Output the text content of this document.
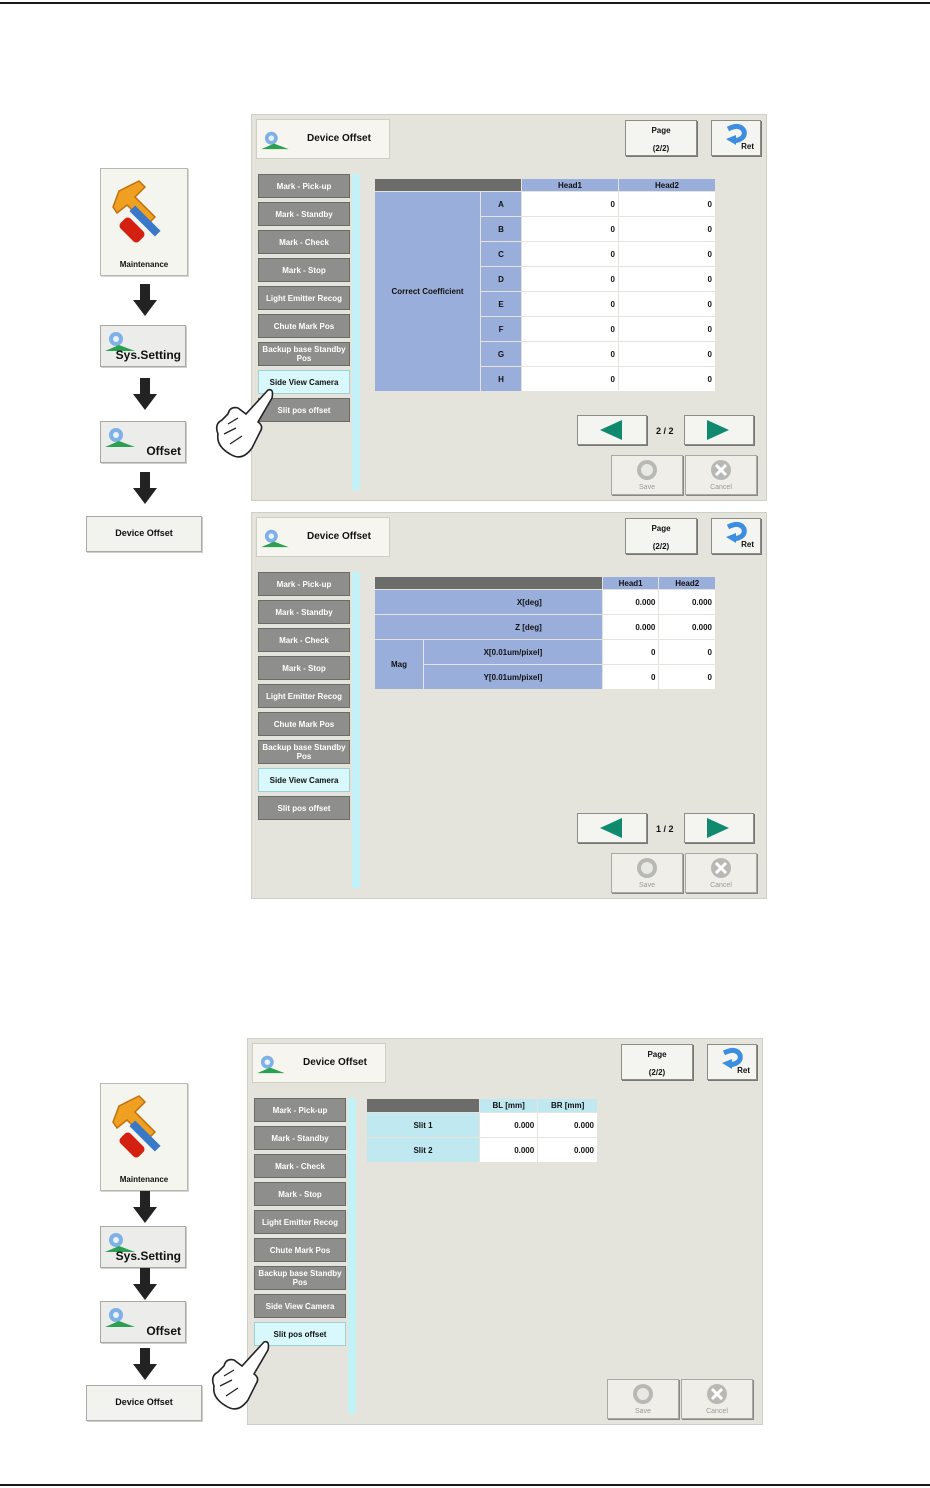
Maintenance
Sys.Setting
Offset
Device Offset
Device Offset
Page
(2/2)	Ret
Mark - Pick-up
Mark - Standby
Mark - Check
Mark - Stop
Light Emitter Recog
Chute Mark Pos
Backup base Standby Pos
Side View Camera
Slit pos offset
		Head1	Head2
Correct Coefficient	A	0	0
	B	0	0
	C	0	0
	D	0	0
	E	0	0
	F	0	0
	G	0	0
	H	0	0
2 / 2
Save	Cancel
Device Offset
Page
(2/2)	Ret
Mark - Pick-up
Mark - Standby
Mark - Check
Mark - Stop
Light Emitter Recog
Chute Mark Pos
Backup base Standby Pos
Side View Camera
Slit pos offset
		Head1	Head2
X[deg]		0.000	0.000
Z [deg]		0.000	0.000
Mag	X[0.01um/pixel]	0	0
	Y[0.01um/pixel]	0	0
1 / 2
Save	Cancel
Maintenance
Sys.Setting
Offset
Device Offset
Device Offset
Page
(2/2)	Ret
Mark - Pick-up
Mark - Standby
Mark - Check
Mark - Stop
Light Emitter Recog
Chute Mark Pos
Backup base Standby Pos
Side View Camera
Slit pos offset
	BL [mm]	BR [mm]
Slit 1	0.000	0.000
Slit 2	0.000	0.000
Save	Cancel
